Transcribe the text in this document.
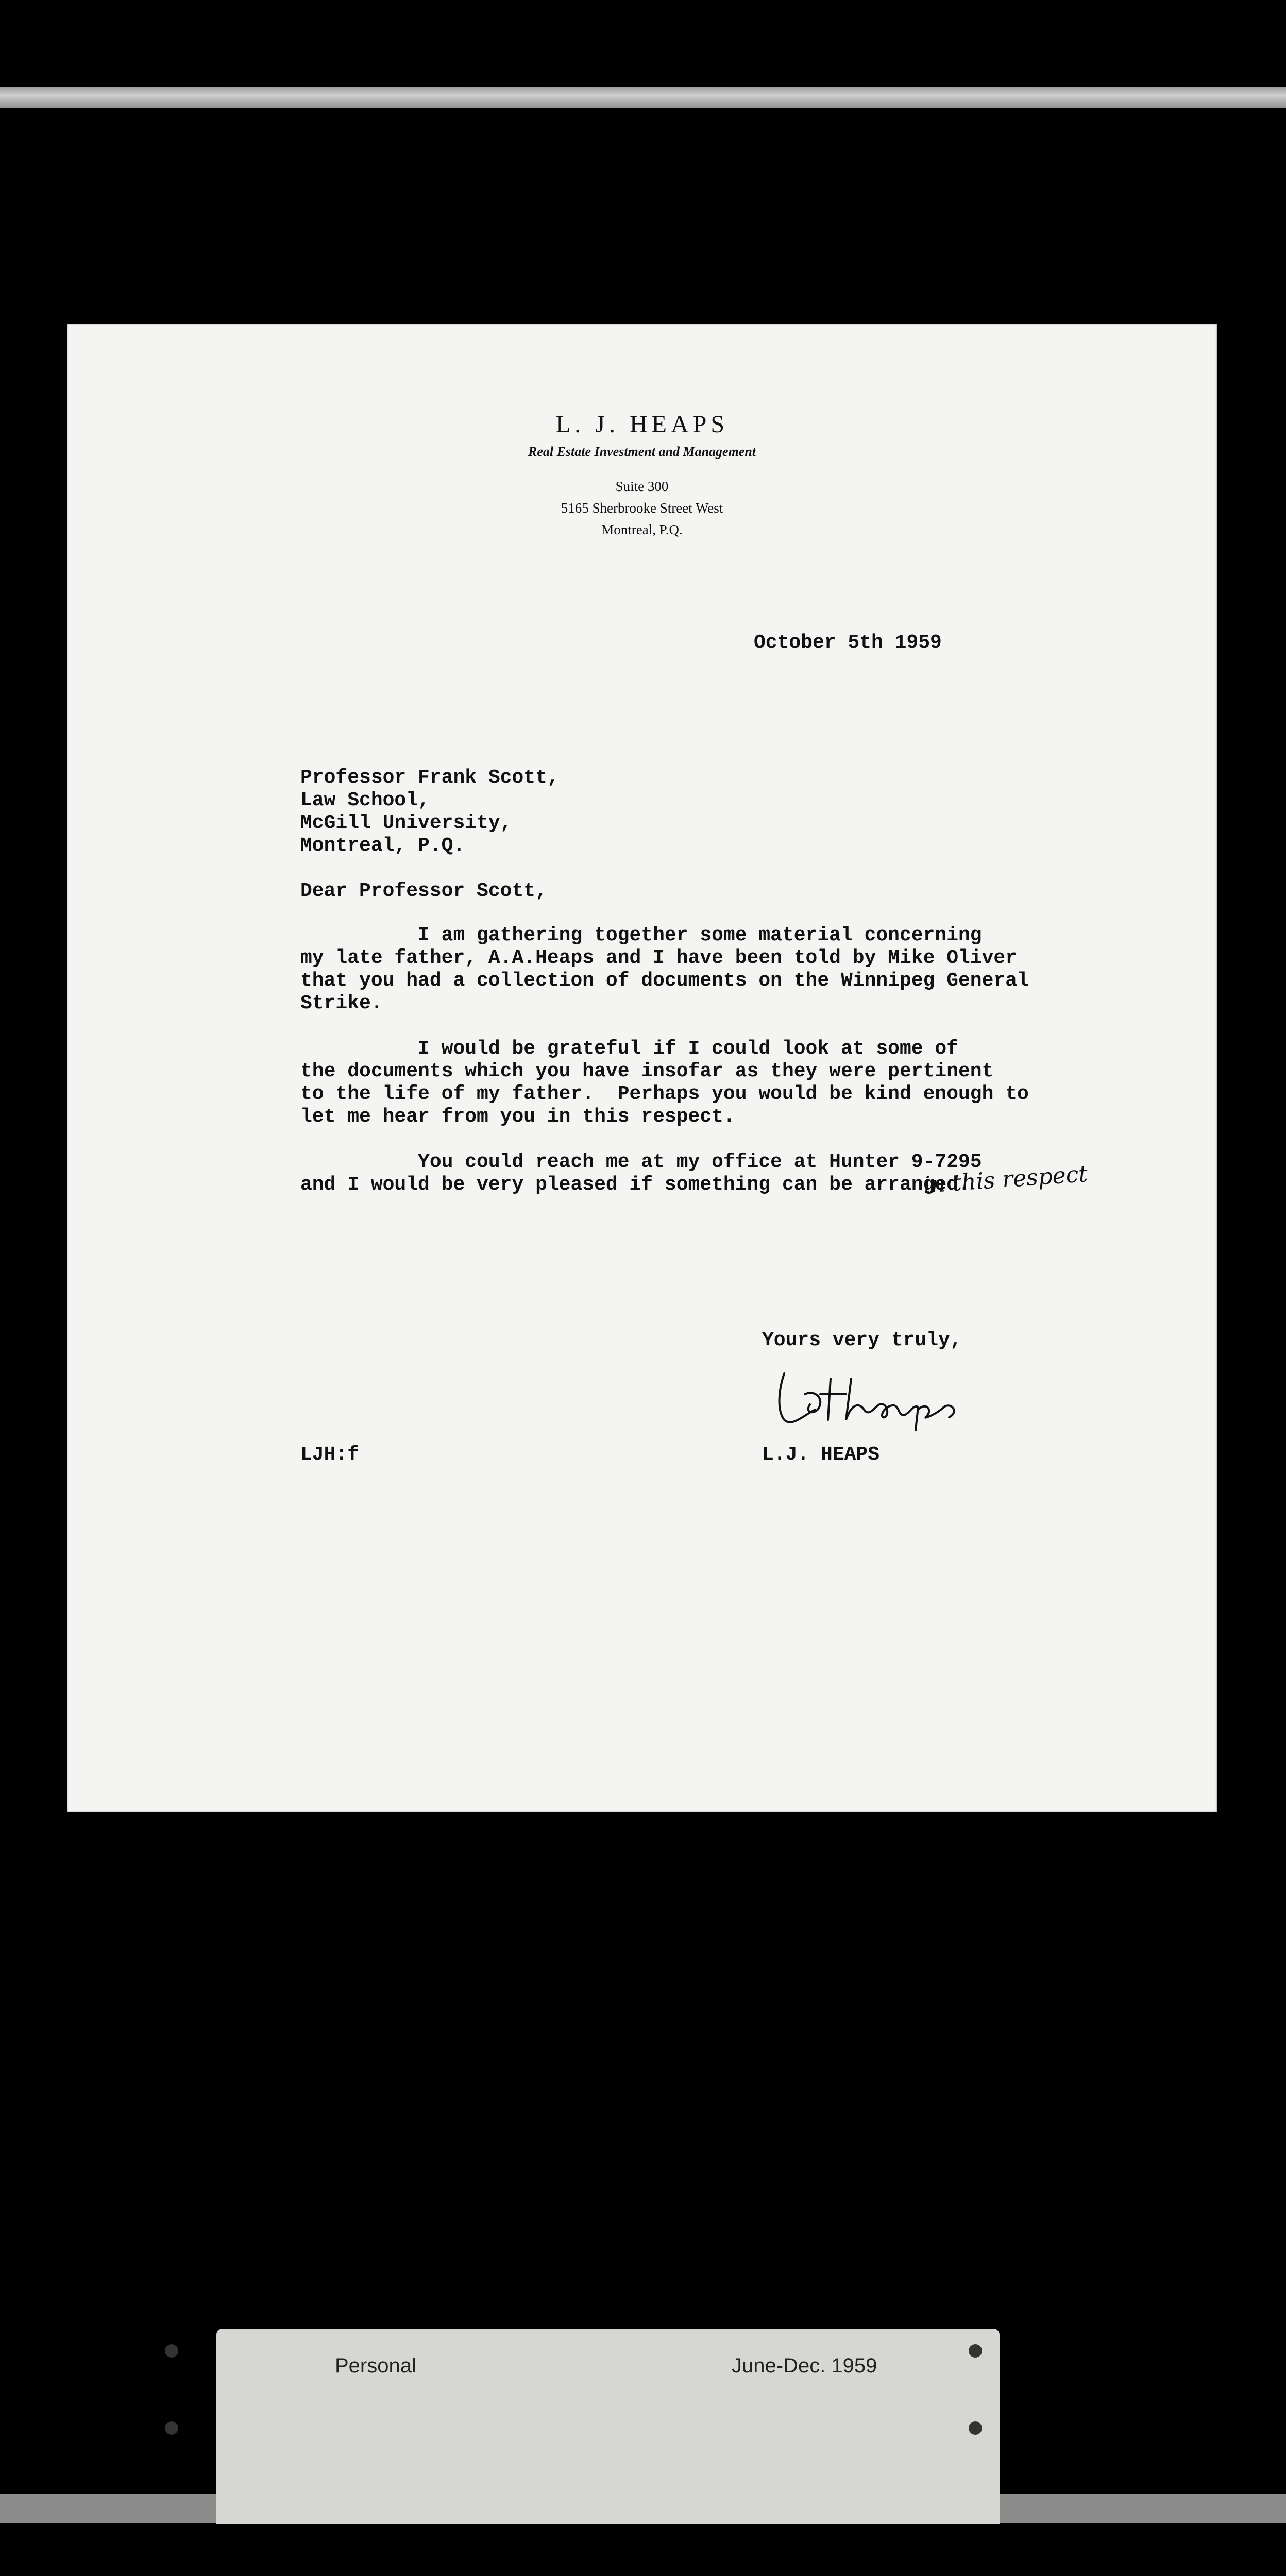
L. J. HEAPS
Real Estate Investment and Management
Suite 300
5165 Sherbrooke Street West
Montreal, P.Q.
October 5th 1959
Professor Frank Scott,
Law School,
McGill University,
Montreal, P.Q.
Dear Professor Scott,
I am gathering together some material concerning
my late father, A.A.Heaps and I have been told by Mike Oliver
that you had a collection of documents on the Winnipeg General
Strike.
I would be grateful if I could look at some of
the documents which you have insofar as they were pertinent
to the life of my father.  Perhaps you would be kind enough to
let me hear from you in this respect.
You could reach me at my office at Hunter 9-7295
and I would be very pleased if something can be arranged.
in this respect
Yours very truly,
LJH:f	L.J. HEAPS
Personal	June-Dec. 1959
